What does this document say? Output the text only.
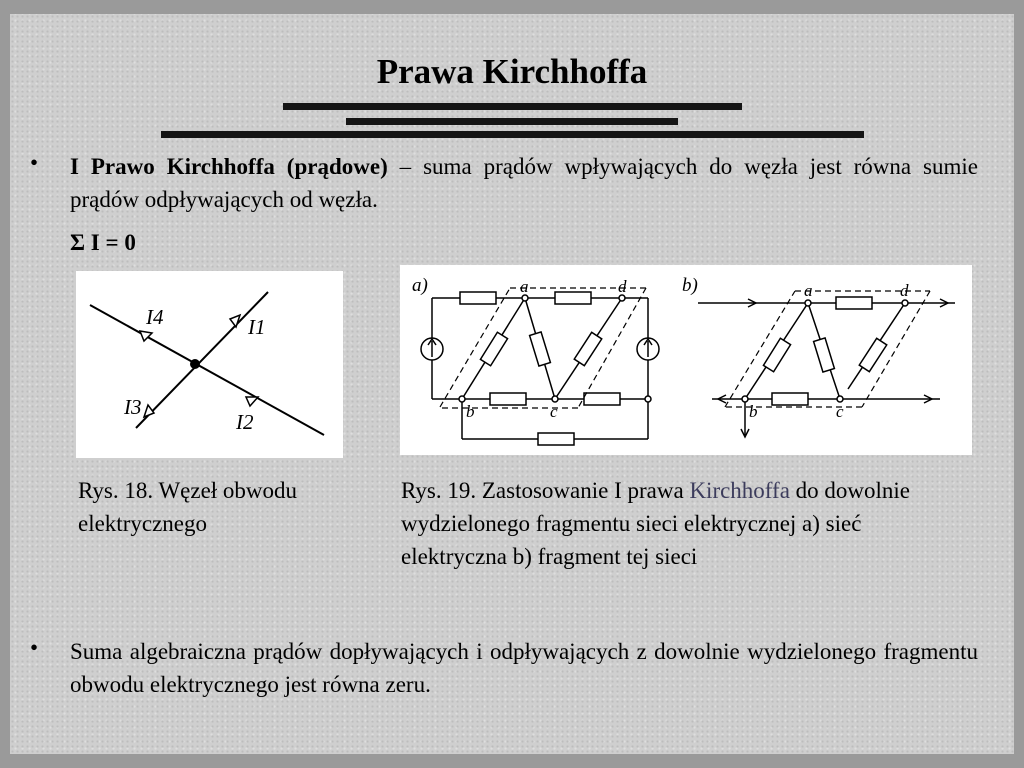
Prawa Kirchhoffa
• I Prawo Kirchhoffa (prądowe) – suma prądów wpływających do węzła jest równa sumie prądów odpływających od węzła.
Σ I = 0
I4	I1
I3
I2
a)	a	d
b	c
b)	a	d
b	c
Rys. 18. Węzeł obwodu elektrycznego
Rys. 19. Zastosowanie I prawa Kirchhoffa do dowolnie wydzielonego fragmentu sieci elektrycznej a) sieć elektryczna b) fragment tej sieci
• Suma algebraiczna prądów dopływających i odpływających z dowolnie wydzielonego fragmentu obwodu elektrycznego jest równa zeru.
